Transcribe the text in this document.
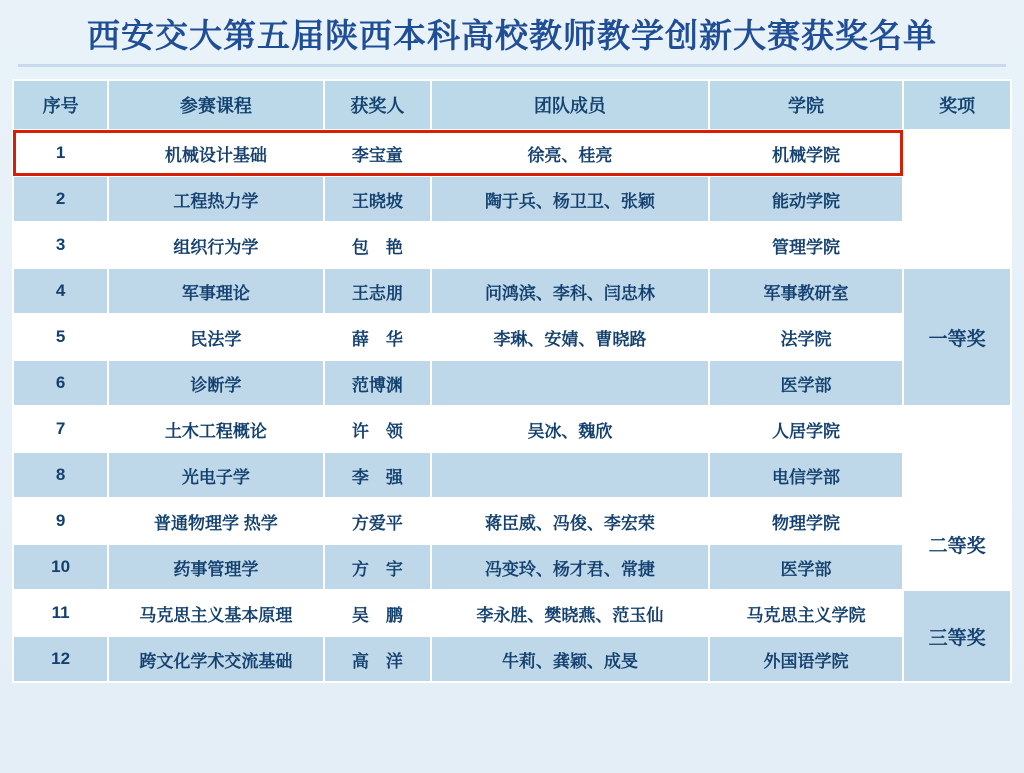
西安交大第五届陕西本科高校教师教学创新大赛获奖名单
序号	参赛课程	获奖人	团队成员	学院	奖项
1	机械设计基础	李宝童	徐亮、桂亮	机械学院	
2	工程热力学	王晓坡	陶于兵、杨卫卫、张颖	能动学院	
3	组织行为学	包　艳		管理学院	
4	军事理论	王志朋	问鸿滨、李科、闫忠林	军事教研室	一等奖
5	民法学	薛　华	李琳、安婧、曹晓路	法学院	
6	诊断学	范博渊		医学部	
7	土木工程概论	许　领	吴冰、魏欣	人居学院	
8	光电子学	李　强		电信学部	
9	普通物理学 热学	方爱平	蒋臣威、冯俊、李宏荣	物理学院	二等奖
10	药事管理学	方　宇	冯变玲、杨才君、常捷	医学部	
11	马克思主义基本原理	吴　鹏	李永胜、樊晓燕、范玉仙	马克思主义学院	三等奖
12	跨文化学术交流基础	高　洋	牛莉、龚颖、成旻	外国语学院	
